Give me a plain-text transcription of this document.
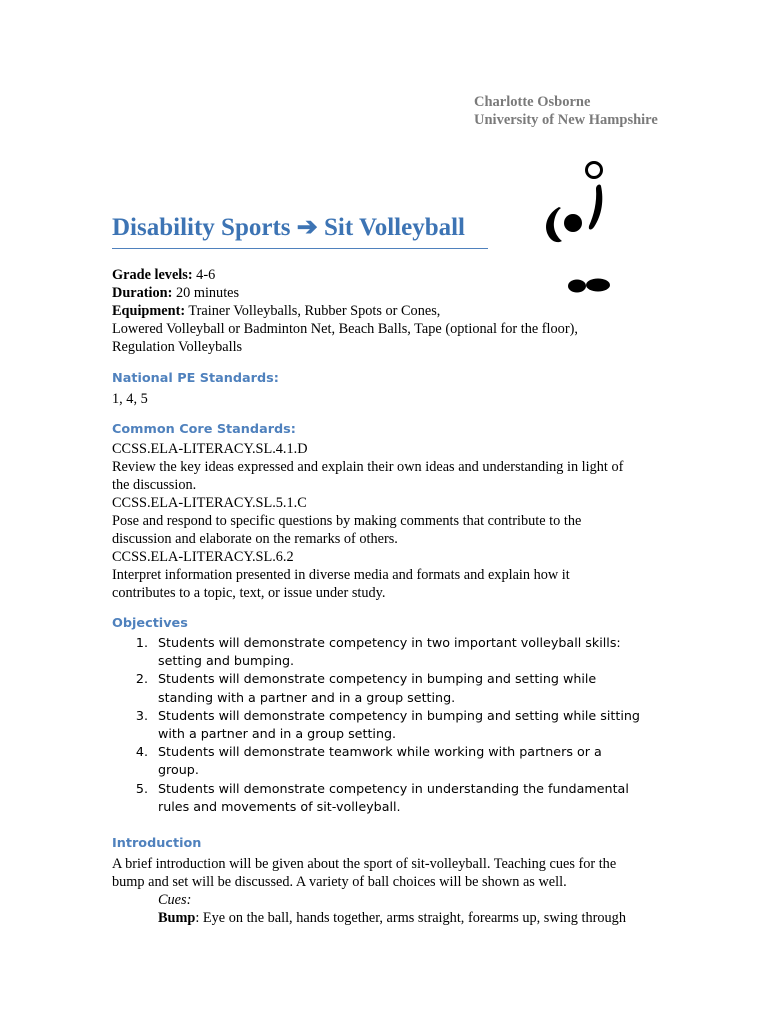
Charlotte Osborne
University of New Hampshire
Disability Sports ➔ Sit Volleyball
Grade levels: 4-6
Duration: 20 minutes
Equipment: Trainer Volleyballs, Rubber Spots or Cones,
Lowered Volleyball or Badminton Net, Beach Balls, Tape (optional for the floor),
Regulation Volleyballs
National PE Standards:
1, 4, 5
Common Core Standards:
CCSS.ELA-LITERACY.SL.4.1.D
Review the key ideas expressed and explain their own ideas and understanding in light of
the discussion.
CCSS.ELA-LITERACY.SL.5.1.C
Pose and respond to specific questions by making comments that contribute to the
discussion and elaborate on the remarks of others.
CCSS.ELA-LITERACY.SL.6.2
Interpret information presented in diverse media and formats and explain how it
contributes to a topic, text, or issue under study.
Objectives
1. Students will demonstrate competency in two important volleyball skills:
setting and bumping.
2. Students will demonstrate competency in bumping and setting while
standing with a partner and in a group setting.
3. Students will demonstrate competency in bumping and setting while sitting
with a partner and in a group setting.
4. Students will demonstrate teamwork while working with partners or a
group.
5. Students will demonstrate competency in understanding the fundamental
rules and movements of sit-volleyball.
Introduction
A brief introduction will be given about the sport of sit-volleyball. Teaching cues for the
bump and set will be discussed. A variety of ball choices will be shown as well.
Cues:
Bump: Eye on the ball, hands together, arms straight, forearms up, swing through
